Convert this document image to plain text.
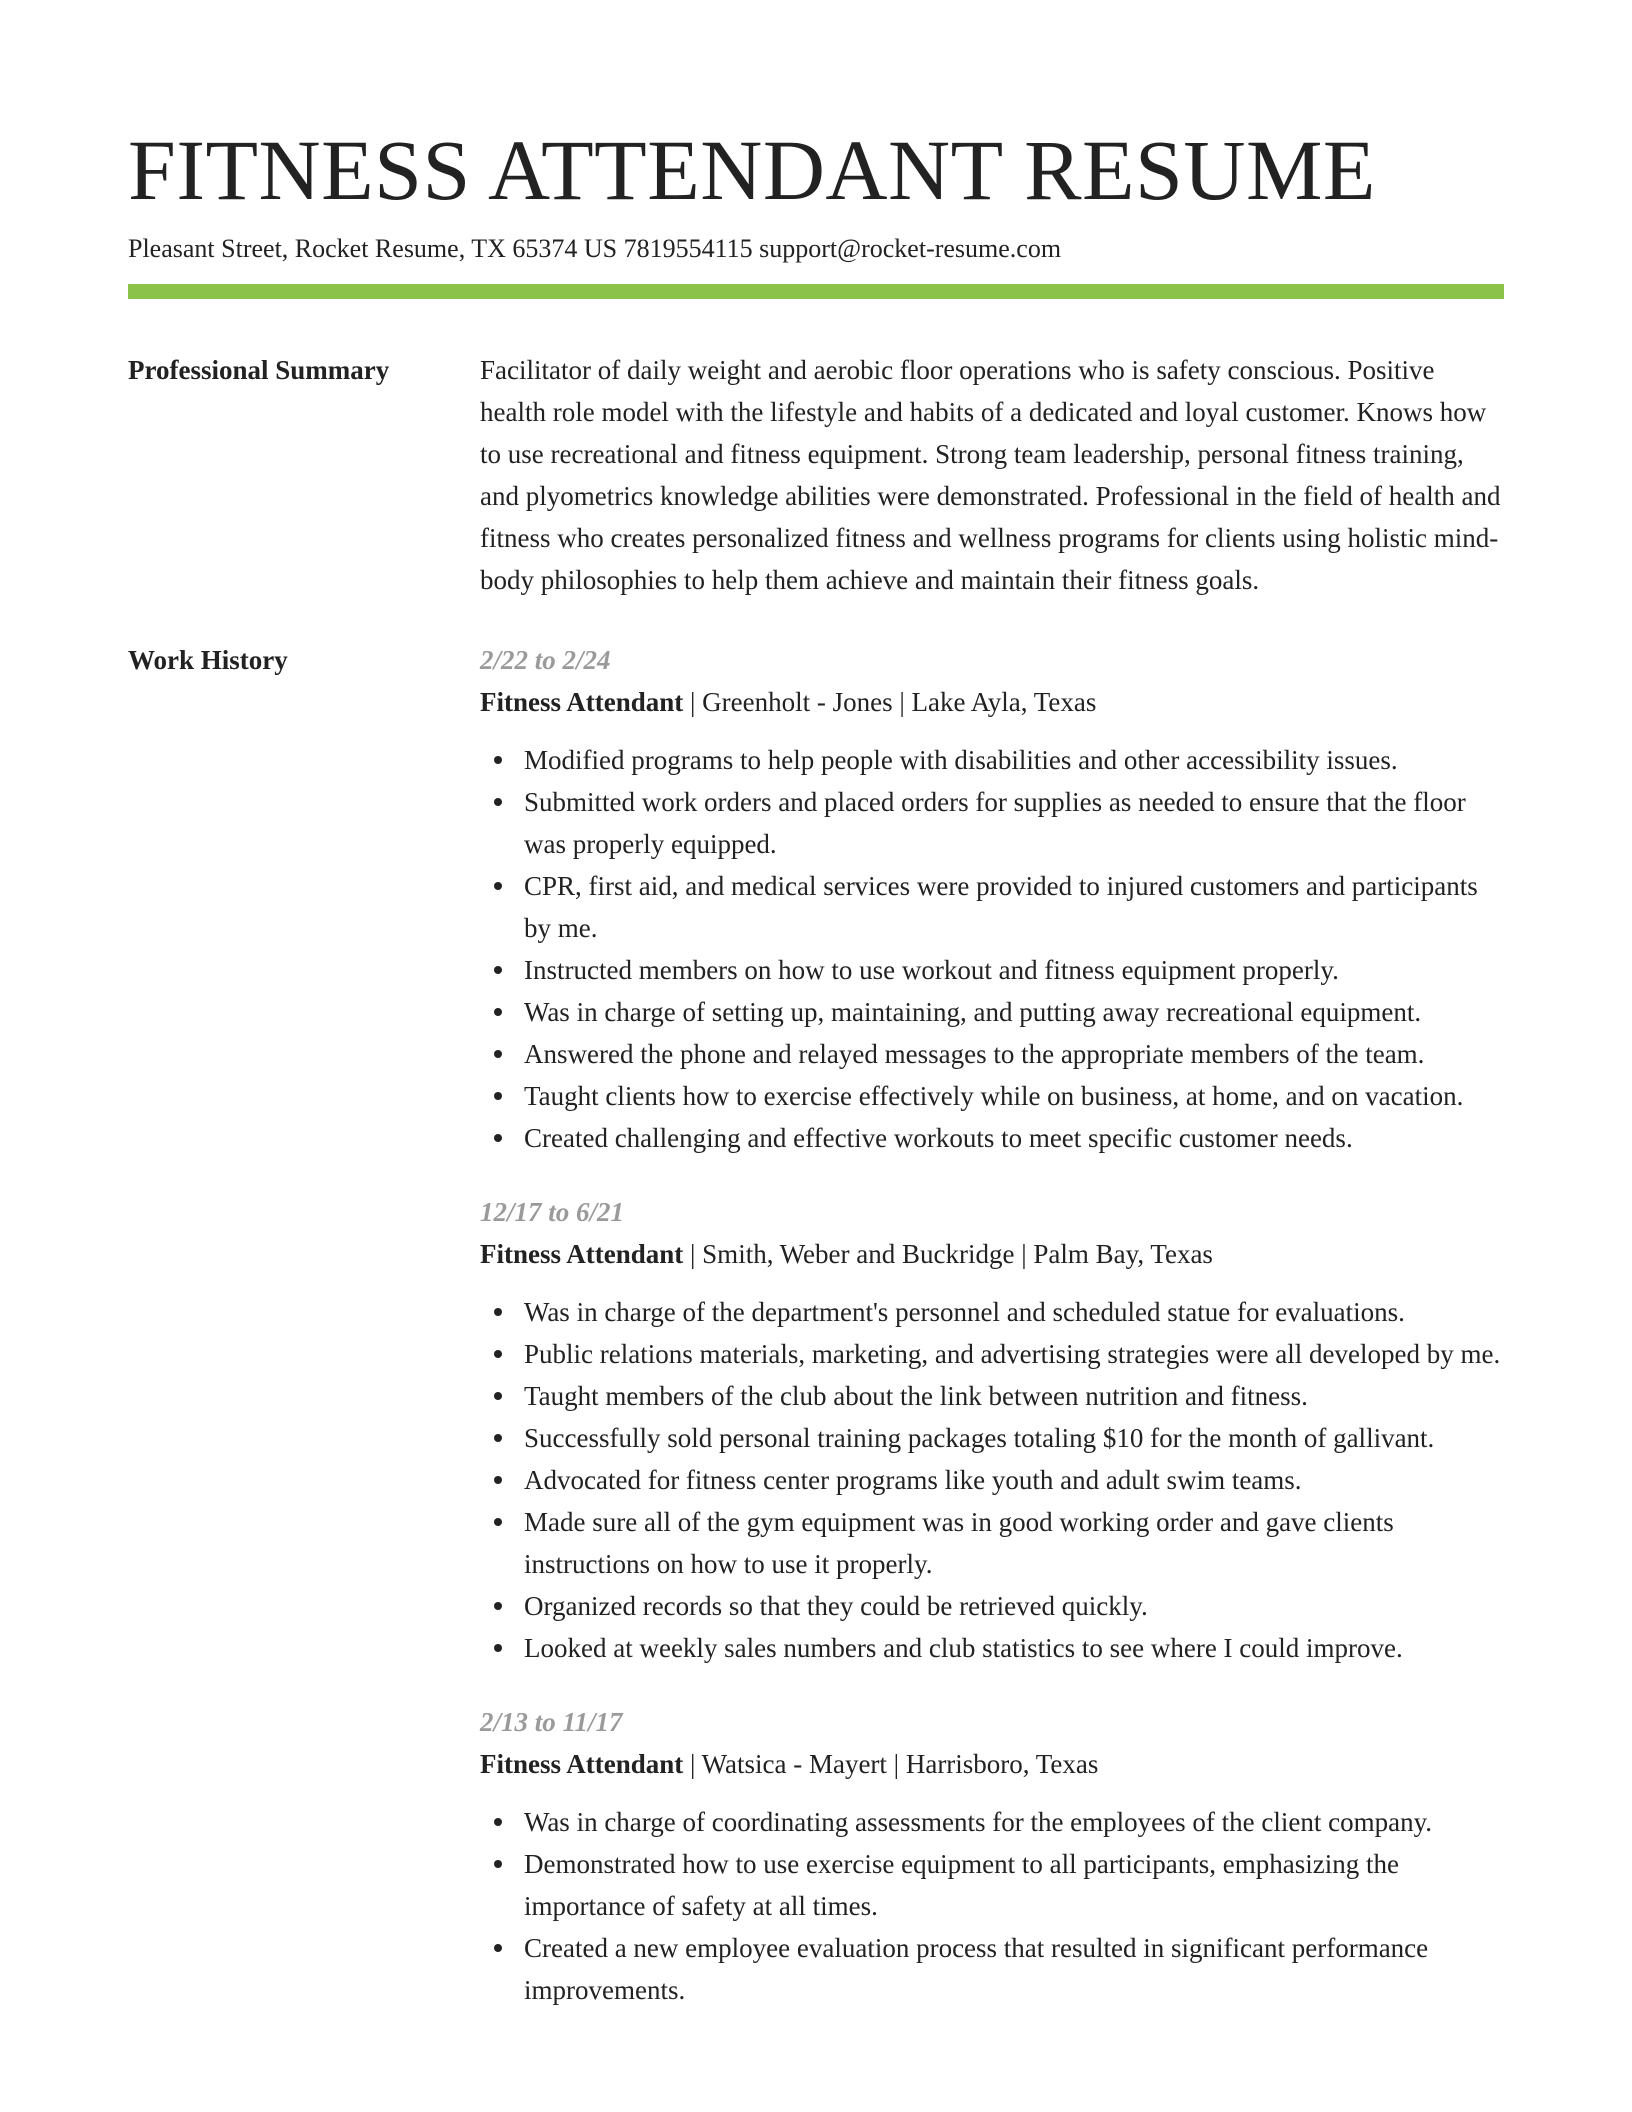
FITNESS ATTENDANT RESUME
Pleasant Street, Rocket Resume, TX 65374 US 7819554115 support@rocket-resume.com
Professional Summary	Facilitator of daily weight and aerobic floor operations who is safety conscious. Positive health role model with the lifestyle and habits of a dedicated and loyal customer. Knows how to use recreational and fitness equipment. Strong team leadership, personal fitness training, and plyometrics knowledge abilities were demonstrated. Professional in the field of health and fitness who creates personalized fitness and wellness programs for clients using holistic mind-body philosophies to help them achieve and maintain their fitness goals.

Work History	2/22 to 2/24
Fitness Attendant | Greenholt - Jones | Lake Ayla, Texas
Modified programs to help people with disabilities and other accessibility issues.
Submitted work orders and placed orders for supplies as needed to ensure that the floor was properly equipped.
CPR, first aid, and medical services were provided to injured customers and participants by me.
Instructed members on how to use workout and fitness equipment properly.
Was in charge of setting up, maintaining, and putting away recreational equipment.
Answered the phone and relayed messages to the appropriate members of the team.
Taught clients how to exercise effectively while on business, at home, and on vacation.
Created challenging and effective workouts to meet specific customer needs.
12/17 to 6/21
Fitness Attendant | Smith, Weber and Buckridge | Palm Bay, Texas
Was in charge of the department's personnel and scheduled statue for evaluations.
Public relations materials, marketing, and advertising strategies were all developed by me.
Taught members of the club about the link between nutrition and fitness.
Successfully sold personal training packages totaling $10 for the month of gallivant.
Advocated for fitness center programs like youth and adult swim teams.
Made sure all of the gym equipment was in good working order and gave clients instructions on how to use it properly.
Organized records so that they could be retrieved quickly.
Looked at weekly sales numbers and club statistics to see where I could improve.
2/13 to 11/17
Fitness Attendant | Watsica - Mayert | Harrisboro, Texas
Was in charge of coordinating assessments for the employees of the client company.
Demonstrated how to use exercise equipment to all participants, emphasizing the importance of safety at all times.
Created a new employee evaluation process that resulted in significant performance improvements.
